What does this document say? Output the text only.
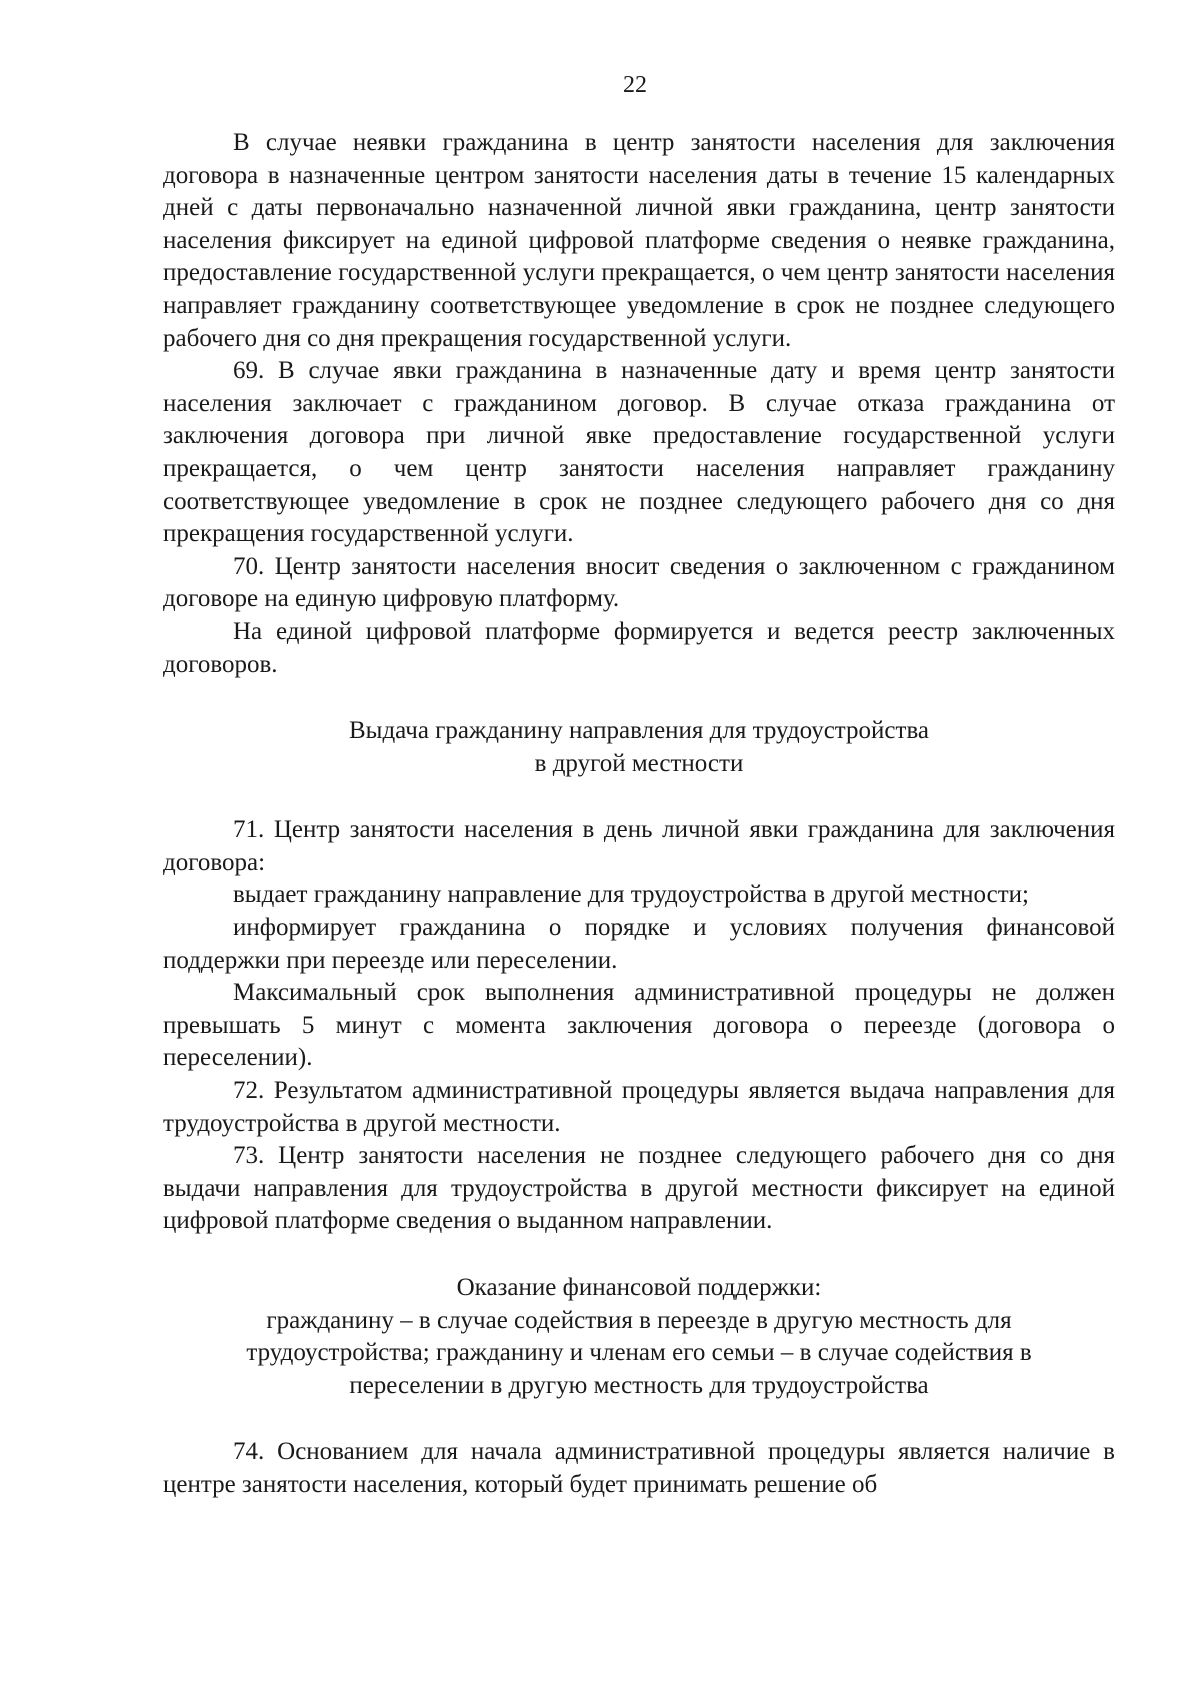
22

В случае неявки гражданина в центр занятости населения для заключения договора в назначенные центром занятости населения даты в течение 15 календарных дней с даты первоначально назначенной личной явки гражданина, центр занятости населения фиксирует на единой цифровой платформе сведения о неявке гражданина, предоставление государственной услуги прекращается, о чем центр занятости населения направляет гражданину соответствующее уведомление в срок не позднее следующего рабочего дня со дня прекращения государственной услуги.

69. В случае явки гражданина в назначенные дату и время центр занятости населения заключает с гражданином договор. В случае отказа гражданина от заключения договора при личной явке предоставление государственной услуги прекращается, о чем центр занятости населения направляет гражданину соответствующее уведомление в срок не позднее следующего рабочего дня со дня прекращения государственной услуги.

70. Центр занятости населения вносит сведения о заключенном с гражданином договоре на единую цифровую платформу.

На единой цифровой платформе формируется и ведется реестр заключенных договоров.

Выдача гражданину направления для трудоустройства
в другой местности

71. Центр занятости населения в день личной явки гражданина для заключения договора:

выдает гражданину направление для трудоустройства в другой местности;

информирует гражданина о порядке и условиях получения финансовой поддержки при переезде или переселении.

Максимальный срок выполнения административной процедуры не должен превышать 5 минут с момента заключения договора о переезде (договора о переселении).

72. Результатом административной процедуры является выдача направления для трудоустройства в другой местности.

73. Центр занятости населения не позднее следующего рабочего дня со дня выдачи направления для трудоустройства в другой местности фиксирует на единой цифровой платформе сведения о выданном направлении.

Оказание финансовой поддержки:
гражданину – в случае содействия в переезде в другую местность для
трудоустройства; гражданину и членам его семьи – в случае содействия в
переселении в другую местность для трудоустройства

74. Основанием для начала административной процедуры является наличие в центре занятости населения, который будет принимать решение об
